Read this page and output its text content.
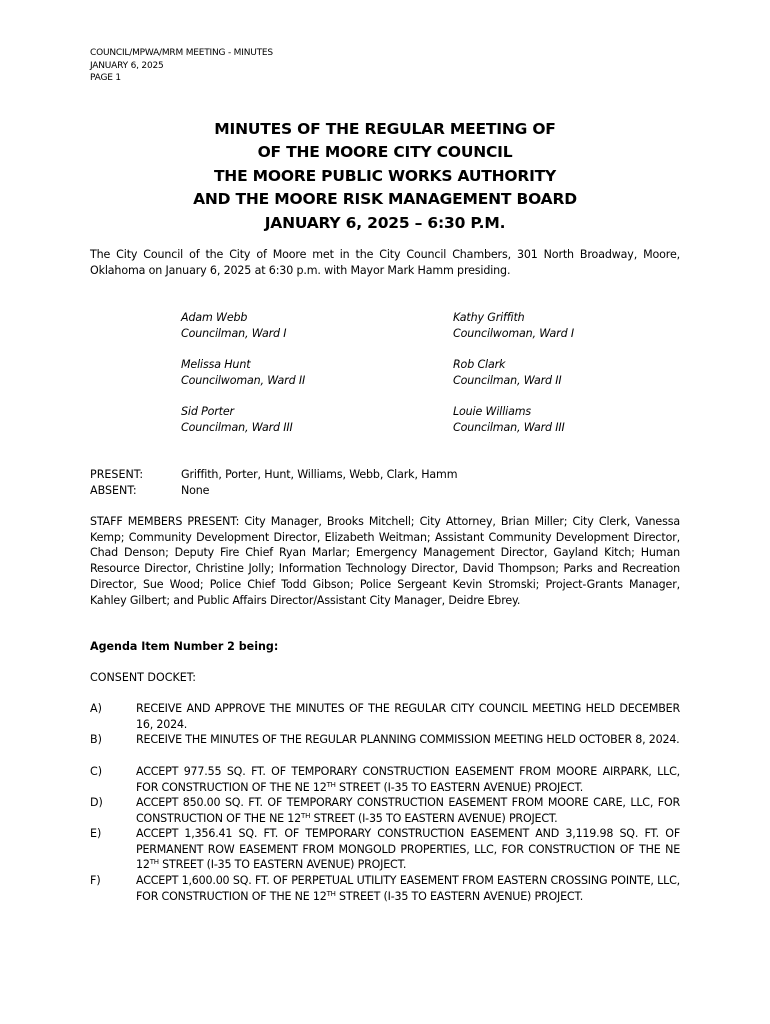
COUNCIL/MPWA/MRM MEETING - MINUTES
JANUARY 6, 2025
PAGE 1
MINUTES OF THE REGULAR MEETING OF
OF THE MOORE CITY COUNCIL
THE MOORE PUBLIC WORKS AUTHORITY
AND THE MOORE RISK MANAGEMENT BOARD
JANUARY 6, 2025 – 6:30 P.M.
The City Council of the City of Moore met in the City Council Chambers, 301 North Broadway, Moore, Oklahoma on January 6, 2025 at 6:30 p.m. with Mayor Mark Hamm presiding.
Adam Webb
Councilman, Ward I
Kathy Griffith
Councilwoman, Ward I
Melissa Hunt
Councilwoman, Ward II
Rob Clark
Councilman, Ward II
Sid Porter
Councilman, Ward III
Louie Williams
Councilman, Ward III
PRESENT:	Griffith, Porter, Hunt, Williams, Webb, Clark, Hamm
ABSENT:	None
STAFF MEMBERS PRESENT: City Manager, Brooks Mitchell; City Attorney, Brian Miller; City Clerk, Vanessa Kemp; Community Development Director, Elizabeth Weitman; Assistant Community Development Director, Chad Denson; Deputy Fire Chief Ryan Marlar; Emergency Management Director, Gayland Kitch; Human Resource Director, Christine Jolly; Information Technology Director, David Thompson; Parks and Recreation Director, Sue Wood; Police Chief Todd Gibson; Police Sergeant Kevin Stromski; Project-Grants Manager, Kahley Gilbert; and Public Affairs Director/Assistant City Manager, Deidre Ebrey.
Agenda Item Number 2 being:
CONSENT DOCKET:
A)	RECEIVE AND APPROVE THE MINUTES OF THE REGULAR CITY COUNCIL MEETING HELD DECEMBER 16, 2024.
B)	RECEIVE THE MINUTES OF THE REGULAR PLANNING COMMISSION MEETING HELD OCTOBER 8, 2024.
C)	ACCEPT 977.55 SQ. FT. OF TEMPORARY CONSTRUCTION EASEMENT FROM MOORE AIRPARK, LLC, FOR CONSTRUCTION OF THE NE 12TH STREET (I-35 TO EASTERN AVENUE) PROJECT.
D)	ACCEPT 850.00 SQ. FT. OF TEMPORARY CONSTRUCTION EASEMENT FROM MOORE CARE, LLC, FOR CONSTRUCTION OF THE NE 12TH STREET (I-35 TO EASTERN AVENUE) PROJECT.
E)	ACCEPT 1,356.41 SQ. FT. OF TEMPORARY CONSTRUCTION EASEMENT AND 3,119.98 SQ. FT. OF PERMANENT ROW EASEMENT FROM MONGOLD PROPERTIES, LLC, FOR CONSTRUCTION OF THE NE 12TH STREET (I-35 TO EASTERN AVENUE) PROJECT.
F)	ACCEPT 1,600.00 SQ. FT. OF PERPETUAL UTILITY EASEMENT FROM EASTERN CROSSING POINTE, LLC, FOR CONSTRUCTION OF THE NE 12TH STREET (I-35 TO EASTERN AVENUE) PROJECT.
